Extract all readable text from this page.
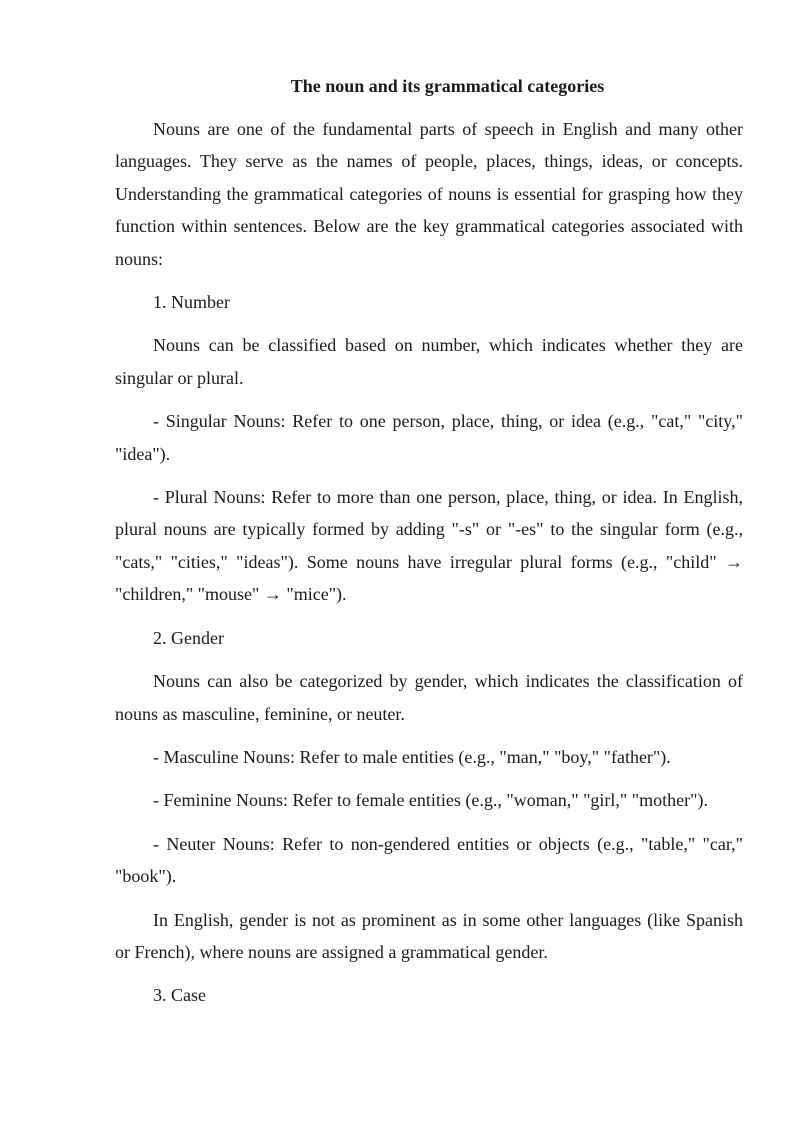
The noun and its grammatical categories

Nouns are one of the fundamental parts of speech in English and many other languages. They serve as the names of people, places, things, ideas, or concepts. Understanding the grammatical categories of nouns is essential for grasping how they function within sentences. Below are the key grammatical categories associated with nouns:

1. Number

Nouns can be classified based on number, which indicates whether they are singular or plural.

- Singular Nouns: Refer to one person, place, thing, or idea (e.g., "cat," "city," "idea").

- Plural Nouns: Refer to more than one person, place, thing, or idea. In English, plural nouns are typically formed by adding "-s" or "-es" to the singular form (e.g., "cats," "cities," "ideas"). Some nouns have irregular plural forms (e.g., "child" → "children," "mouse" → "mice").

2. Gender

Nouns can also be categorized by gender, which indicates the classification of nouns as masculine, feminine, or neuter.

- Masculine Nouns: Refer to male entities (e.g., "man," "boy," "father").

- Feminine Nouns: Refer to female entities (e.g., "woman," "girl," "mother").

- Neuter Nouns: Refer to non-gendered entities or objects (e.g., "table," "car," "book").

In English, gender is not as prominent as in some other languages (like Spanish or French), where nouns are assigned a grammatical gender.

3. Case
